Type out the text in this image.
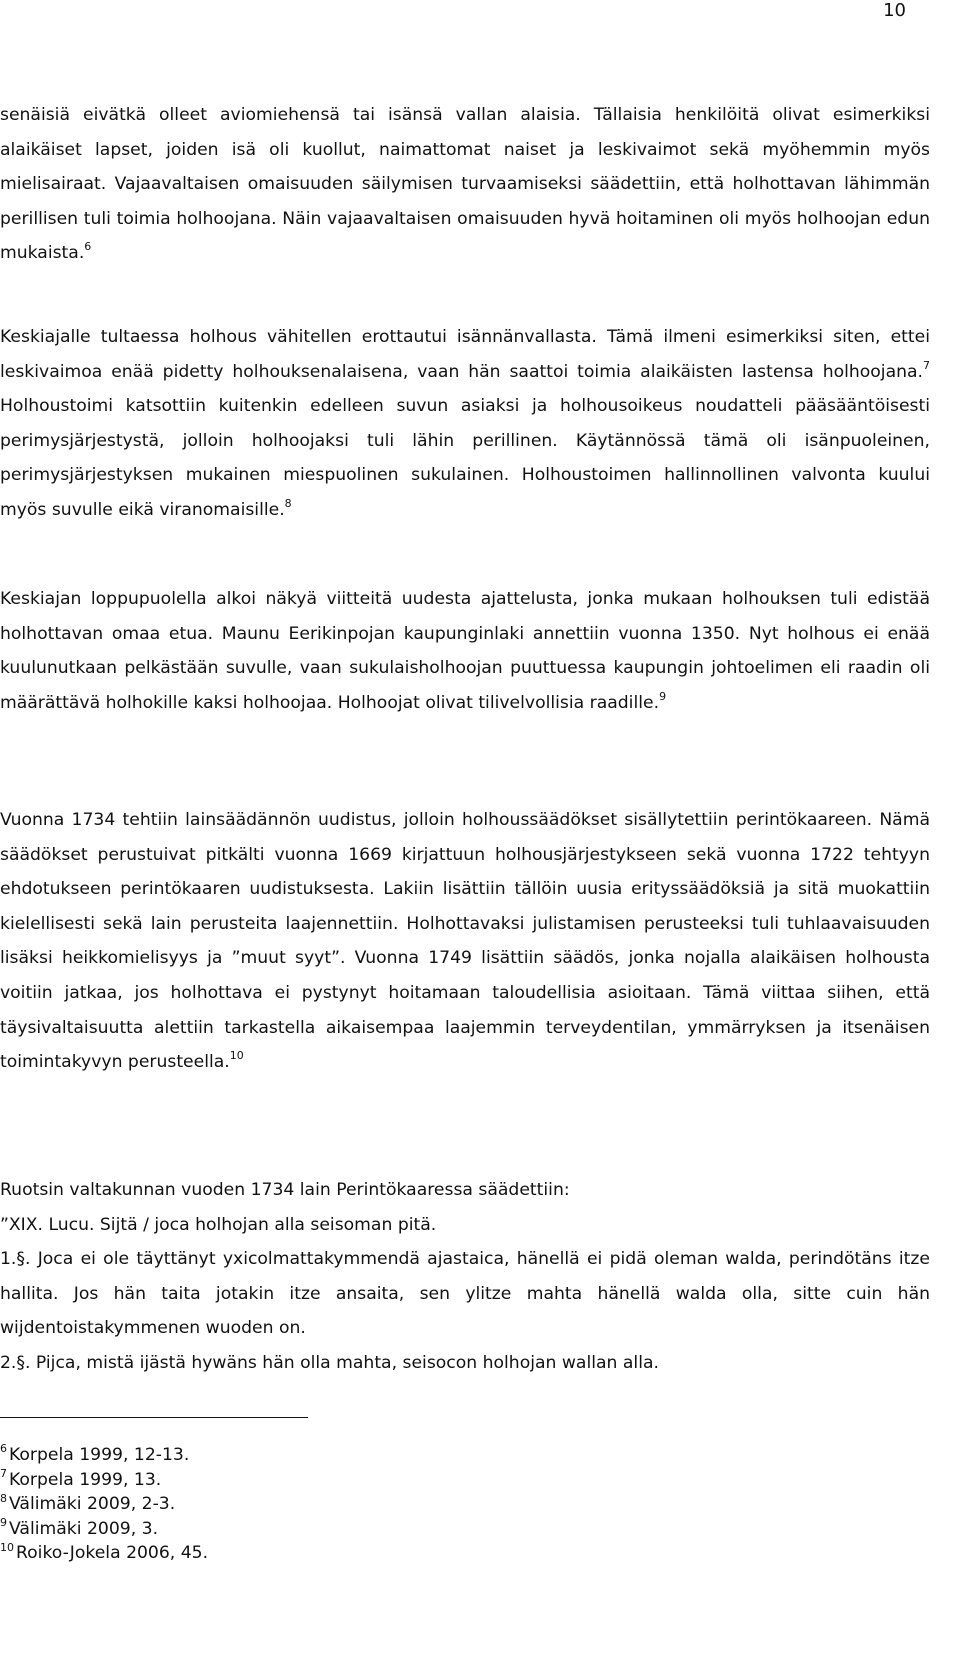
10

senäisiä eivätkä olleet aviomiehensä tai isänsä vallan alaisia. Tällaisia henkilöitä olivat esimerkiksi alaikäiset lapset, joiden isä oli kuollut, naimattomat naiset ja leskivaimot sekä myöhemmin myös mielisairaat. Vajaavaltaisen omaisuuden säilymisen turvaamiseksi säädettiin, että holhottavan lähimmän perillisen tuli toimia holhoojana. Näin vajaavaltaisen omaisuuden hyvä hoitaminen oli myös holhoojan edun mukaista.$^6$

Keskiajalle tultaessa holhous vähitellen erottautui isännänvallasta. Tämä ilmeni esimerkiksi siten, ettei leskivaimoa enää pidetty holhouksenalaisena, vaan hän saattoi toimia alaikäisten lastensa holhoojana.$^7$ Holhoustoimi katsottiin kuitenkin edelleen suvun asiaksi ja holhousoikeus noudatteli pääsääntöisesti perimysjärjestystä, jolloin holhoojaksi tuli lähin perillinen. Käytännössä tämä oli isänpuoleinen, perimysjärjestyksen mukainen miespuolinen sukulainen. Holhoustoimen hallinnollinen valvonta kuului myös suvulle eikä viranomaisille.$^8$

Keskiajan loppupuolella alkoi näkyä viitteitä uudesta ajattelusta, jonka mukaan holhouksen tuli edistää holhottavan omaa etua. Maunu Eerikinpojan kaupunginlaki annettiin vuonna 1350. Nyt holhous ei enää kuulunutkaan pelkästään suvulle, vaan sukulaisholhoojan puuttuessa kaupungin johtoelimen eli raadin oli määrättävä holhokille kaksi holhoojaa. Holhoojat olivat tilivelvollisia raadille.$^9$

Vuonna 1734 tehtiin lainsäädännön uudistus, jolloin holhoussäädökset sisällytettiin perintökaareen. Nämä säädökset perustuivat pitkälti vuonna 1669 kirjattuun holhousjärjestykseen sekä vuonna 1722 tehtyyn ehdotukseen perintökaaren uudistuksesta. Lakiin lisättiin tällöin uusia erityssäädöksiä ja sitä muokattiin kielellisesti sekä lain perusteita laajennettiin. Holhottavaksi julistamisen perusteeksi tuli tuhlaavaisuuden lisäksi heikkomielisyys ja ”muut syyt”. Vuonna 1749 lisättiin säädös, jonka nojalla alaikäisen holhousta voitiin jatkaa, jos holhottava ei pystynyt hoitamaan taloudellisia asioitaan. Tämä viittaa siihen, että täysivaltaisuutta alettiin tarkastella aikaisempaa laajemmin terveydentilan, ymmärryksen ja itsenäisen toimintakyvyn perusteella.$^{10}$

Ruotsin valtakunnan vuoden 1734 lain Perintökaaressa säädettiin:

”XIX. Lucu. Sijtä / joca holhojan alla seisoman pitä.

1.§. Joca ei ole täyttänyt yxicolmattakymmendä ajastaica, hänellä ei pidä oleman walda, perindötäns itze hallita. Jos hän taita jotakin itze ansaita, sen ylitze mahta hänellä walda olla, sitte cuin hän wijdentoistakymmenen wuoden on.

2.§. Pijca, mistä ijästä hywäns hän olla mahta, seisocon holhojan wallan alla.

$^6$ Korpela 1999, 12-13.

$^7$ Korpela 1999, 13.

$^8$ Välimäki 2009, 2-3.

$^9$ Välimäki 2009, 3.

$^{10}$ Roiko-Jokela 2006, 45.
